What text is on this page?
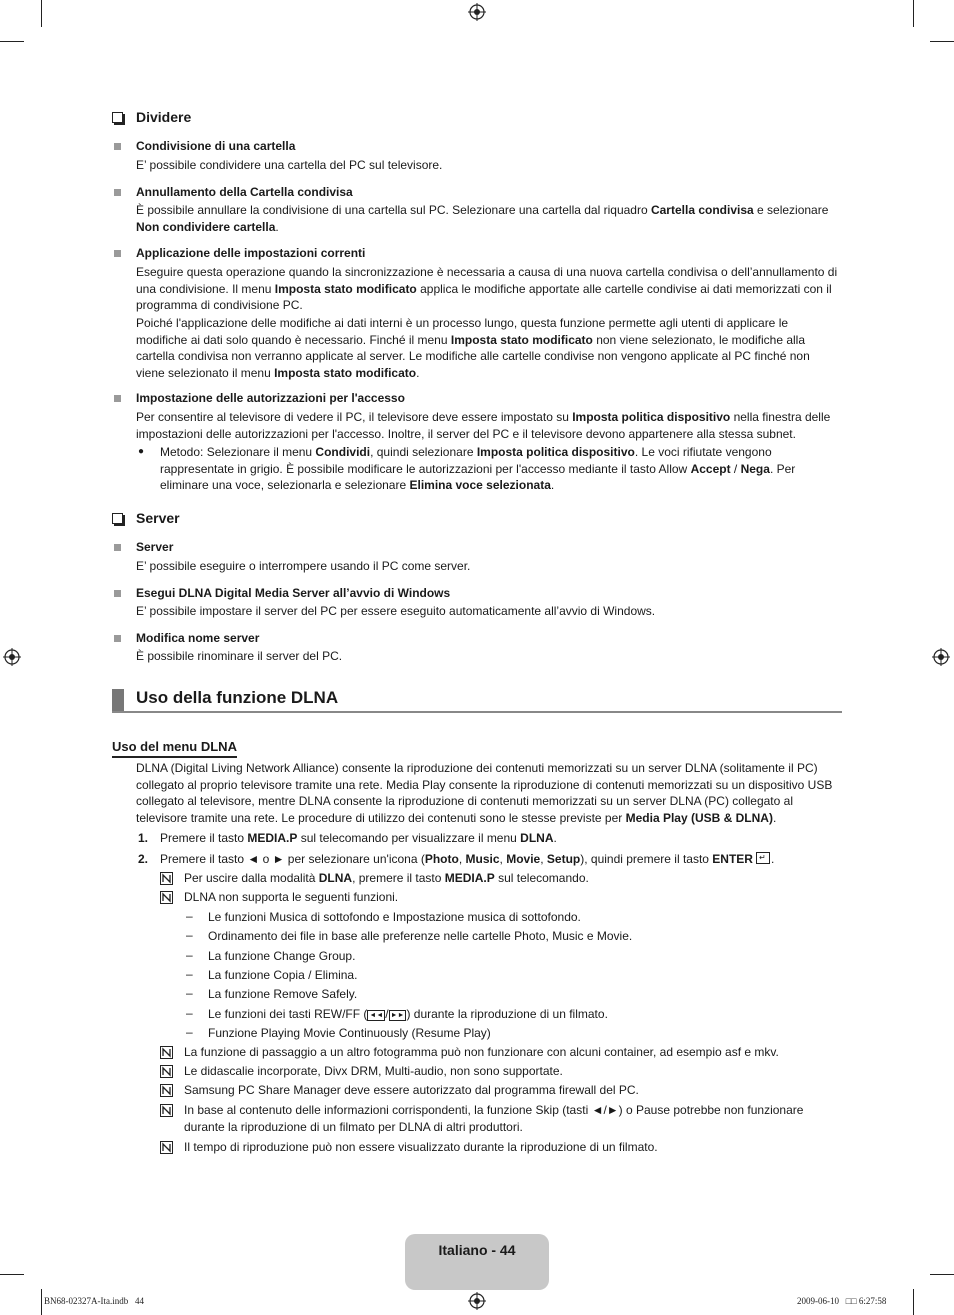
Dividere
Condivisione di una cartella
E’ possibile condividere una cartella del PC sul televisore.
Annullamento della Cartella condivisa
È possibile annullare la condivisione di una cartella sul PC. Selezionare una cartella dal riquadro Cartella condivisa e selezionare Non condividere cartella.
Applicazione delle impostazioni correnti
Eseguire questa operazione quando la sincronizzazione è necessaria a causa di una nuova cartella condivisa o dell’annullamento di una condivisione. Il menu Imposta stato modificato applica le modifiche apportate alle cartelle condivise ai dati memorizzati con il programma di condivisione PC.
Poiché l'applicazione delle modifiche ai dati interni è un processo lungo, questa funzione permette agli utenti di applicare le modifiche ai dati solo quando è necessario. Finché il menu Imposta stato modificato non viene selezionato, le modifiche alla cartella condivisa non verranno applicate al server. Le modifiche alle cartelle condivise non vengono applicate al PC finché non viene selezionato il menu Imposta stato modificato.
Impostazione delle autorizzazioni per l'accesso
Per consentire al televisore di vedere il PC, il televisore deve essere impostato su Imposta politica dispositivo nella finestra delle impostazioni delle autorizzazioni per l'accesso. Inoltre, il server del PC e il televisore devono appartenere alla stessa subnet.
● Metodo: Selezionare il menu Condividi, quindi selezionare Imposta politica dispositivo. Le voci rifiutate vengono rappresentate in grigio. È possibile modificare le autorizzazioni per l'accesso mediante il tasto Allow Accept / Nega. Per eliminare una voce, selezionarla e selezionare Elimina voce selezionata.
Server
Server
E’ possibile eseguire o interrompere usando il PC come server.
Esegui DLNA Digital Media Server all’avvio di Windows
E’ possibile impostare il server del PC per essere eseguito automaticamente all’avvio di Windows.
Modifica nome server
È possibile rinominare il server del PC.
Uso della funzione DLNA
Uso del menu DLNA
DLNA (Digital Living Network Alliance) consente la riproduzione dei contenuti memorizzati su un server DLNA (solitamente il PC) collegato al proprio televisore tramite una rete. Media Play consente la riproduzione di contenuti memorizzati su un dispositivo USB collegato al televisore, mentre DLNA consente la riproduzione di contenuti memorizzati su un server DLNA (PC) collegato al televisore tramite una rete. Le procedure di utilizzo dei contenuti sono le stesse previste per Media Play (USB & DLNA).
1. Premere il tasto MEDIA.P sul telecomando per visualizzare il menu DLNA.
2. Premere il tasto ◄ o ► per selezionare un'icona (Photo, Music, Movie, Setup), quindi premere il tasto ENTER ↵ .
Per uscire dalla modalità DLNA, premere il tasto MEDIA.P sul telecomando.
DLNA non supporta le seguenti funzioni.
– Le funzioni Musica di sottofondo e Impostazione musica di sottofondo.
– Ordinamento dei file in base alle preferenze nelle cartelle Photo, Music e Movie.
– La funzione Change Group.
– La funzione Copia / Elimina.
– La funzione Remove Safely.
– Le funzioni dei tasti REW/FF ( ◄◄ / ►► ) durante la riproduzione di un filmato.
– Funzione Playing Movie Continuously (Resume Play)
La funzione di passaggio a un altro fotogramma può non funzionare con alcuni container, ad esempio asf e mkv.
Le didascalie incorporate, Divx DRM, Multi-audio, non sono supportate.
Samsung PC Share Manager deve essere autorizzato dal programma firewall del PC.
In base al contenuto delle informazioni corrispondenti, la funzione Skip (tasti ◄/►) o Pause potrebbe non funzionare durante la riproduzione di un filmato per DLNA di altri produttori.
Il tempo di riproduzione può non essere visualizzato durante la riproduzione di un filmato.
Italiano - 44
BN68-02327A-Ita.indb   44	2009-06-10   □□ 6:27:58
